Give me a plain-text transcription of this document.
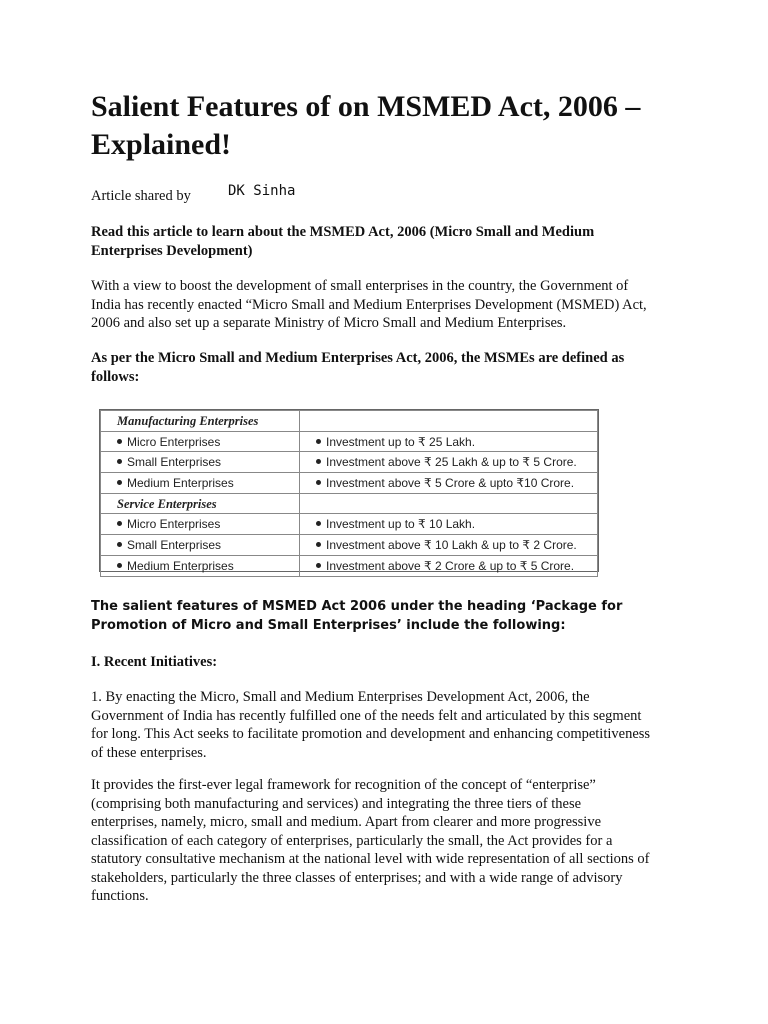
Salient Features of on MSMED Act, 2006 – Explained!
Article shared by	DK Sinha

Read this article to learn about the MSMED Act, 2006 (Micro Small and Medium Enterprises Development)

With a view to boost the development of small enterprises in the country, the Government of India has recently enacted “Micro Small and Medium Enterprises Development (MSMED) Act, 2006 and also set up a separate Ministry of Micro Small and Medium Enterprises.

As per the Micro Small and Medium Enterprises Act, 2006, the MSMEs are defined as follows:

Manufacturing Enterprises	
Micro Enterprises	Investment up to ₹ 25 Lakh.
Small Enterprises	Investment above ₹ 25 Lakh & up to ₹ 5 Crore.
Medium Enterprises	Investment above ₹ 5 Crore & upto ₹10 Crore.
Service Enterprises	
Micro Enterprises	Investment up to ₹ 10 Lakh.
Small Enterprises	Investment above ₹ 10 Lakh & up to ₹ 2 Crore.
Medium Enterprises	Investment above ₹ 2 Crore & up to ₹ 5 Crore.

The salient features of MSMED Act 2006 under the heading ‘Package for Promotion of Micro and Small Enterprises’ include the following:

I. Recent Initiatives:

1. By enacting the Micro, Small and Medium Enterprises Development Act, 2006, the Government of India has recently fulfilled one of the needs felt and articulated by this segment for long. This Act seeks to facilitate promotion and development and enhancing competitiveness of these enterprises.

It provides the first-ever legal framework for recognition of the concept of “enterprise” (comprising both manufacturing and services) and integrating the three tiers of these enterprises, namely, micro, small and medium. Apart from clearer and more progressive classification of each category of enterprises, particularly the small, the Act provides for a statutory consultative mechanism at the national level with wide representation of all sections of stakeholders, particularly the three classes of enterprises; and with a wide range of advisory functions.
